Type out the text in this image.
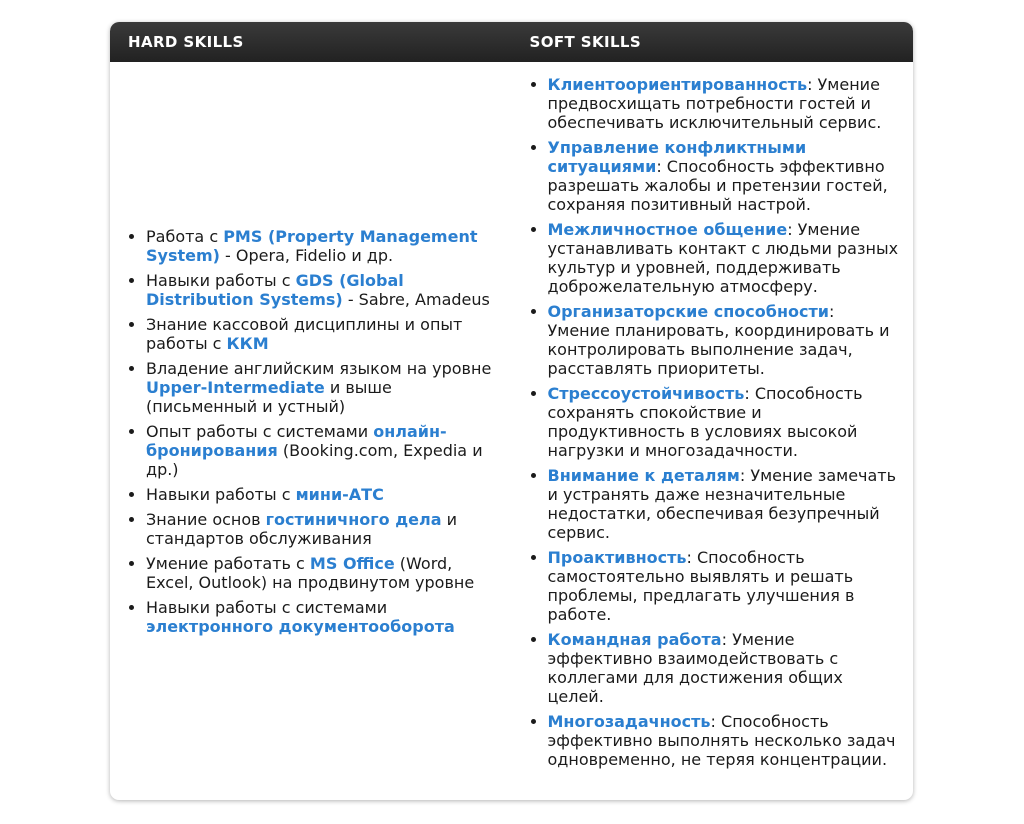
HARD SKILLS	SOFT SKILLS
• Работа с PMS (Property Management System) - Opera, Fidelio и др.
• Навыки работы с GDS (Global Distribution Systems) - Sabre, Amadeus
• Знание кассовой дисциплины и опыт работы с ККМ
• Владение английским языком на уровне Upper-Intermediate и выше (письменный и устный)
• Опыт работы с системами онлайн-бронирования (Booking.com, Expedia и др.)
• Навыки работы с мини-АТС
• Знание основ гостиничного дела и стандартов обслуживания
• Умение работать с MS Office (Word, Excel, Outlook) на продвинутом уровне
• Навыки работы с системами электронного документооборота
• Клиентоориентированность: Умение предвосхищать потребности гостей и обеспечивать исключительный сервис.
• Управление конфликтными ситуациями: Способность эффективно разрешать жалобы и претензии гостей, сохраняя позитивный настрой.
• Межличностное общение: Умение устанавливать контакт с людьми разных культур и уровней, поддерживать доброжелательную атмосферу.
• Организаторские способности: Умение планировать, координировать и контролировать выполнение задач, расставлять приоритеты.
• Стрессоустойчивость: Способность сохранять спокойствие и продуктивность в условиях высокой нагрузки и многозадачности.
• Внимание к деталям: Умение замечать и устранять даже незначительные недостатки, обеспечивая безупречный сервис.
• Проактивность: Способность самостоятельно выявлять и решать проблемы, предлагать улучшения в работе.
• Командная работа: Умение эффективно взаимодействовать с коллегами для достижения общих целей.
• Многозадачность: Способность эффективно выполнять несколько задач одновременно, не теряя концентрации.
